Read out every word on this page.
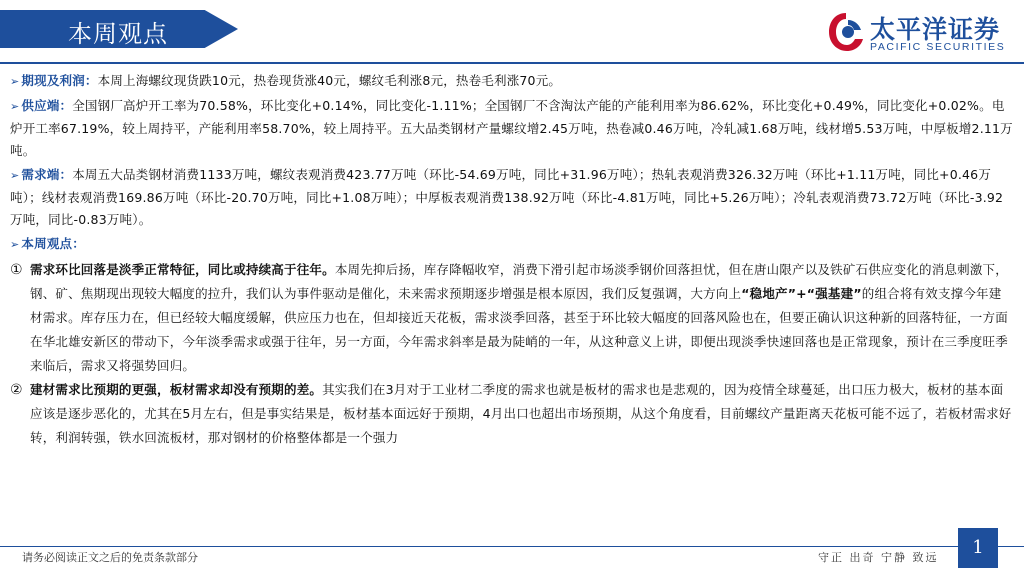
本周观点	太平洋证券
PACIFIC SECURITIES
➢ 期现及利润：本周上海螺纹现货跌10元，热卷现货涨40元，螺纹毛利涨8元，热卷毛利涨70元。
➢ 供应端：全国钢厂高炉开工率为70.58%，环比变化+0.14%，同比变化-1.11%；全国钢厂不含淘汰产能的产能利用率为86.62%，环比变化+0.49%，同比变化+0.02%。电炉开工率67.19%，较上周持平，产能利用率58.70%，较上周持平。五大品类钢材产量螺纹增2.45万吨，热卷减0.46万吨，冷轧减1.68万吨，线材增5.53万吨，中厚板增2.11万吨。
➢ 需求端：本周五大品类钢材消费1133万吨，螺纹表观消费423.77万吨（环比-54.69万吨，同比+31.96万吨）；热轧表观消费326.32万吨（环比+1.11万吨，同比+0.46万吨）；线材表观消费169.86万吨（环比-20.70万吨，同比+1.08万吨）；中厚板表观消费138.92万吨（环比-4.81万吨，同比+5.26万吨）；冷轧表观消费73.72万吨（环比-3.92万吨，同比-0.83万吨）。
➢ 本周观点：
① 需求环比回落是淡季正常特征，同比或持续高于往年。本周先抑后扬，库存降幅收窄，消费下滑引起市场淡季钢价回落担忧，但在唐山限产以及铁矿石供应变化的消息刺激下，钢、矿、焦期现出现较大幅度的拉升，我们认为事件驱动是催化，未来需求预期逐步增强是根本原因，我们反复强调，大方向上“稳地产”+“强基建”的组合将有效支撑今年建材需求。库存压力在，但已经较大幅度缓解，供应压力也在，但却接近天花板，需求淡季回落，甚至于环比较大幅度的回落风险也在，但要正确认识这种新的回落特征，一方面在华北雄安新区的带动下，今年淡季需求或强于往年，另一方面，今年需求斜率是最为陡峭的一年，从这种意义上讲，即便出现淡季快速回落也是正常现象，预计在三季度旺季来临后，需求又将强势回归。
② 建材需求比预期的更强，板材需求却没有预期的差。其实我们在3月对于工业材二季度的需求也就是板材的需求也是悲观的，因为疫情全球蔓延，出口压力极大，板材的基本面应该是逐步恶化的，尤其在5月左右，但是事实结果是，板材基本面远好于预期，4月出口也超出市场预期，从这个角度看，目前螺纹产量距离天花板可能不远了，若板材需求好转，利润转强，铁水回流板材，那对钢材的价格整体都是一个强力
请务必阅读正文之后的免责条款部分	守正 出奇 宁静 致远	1
